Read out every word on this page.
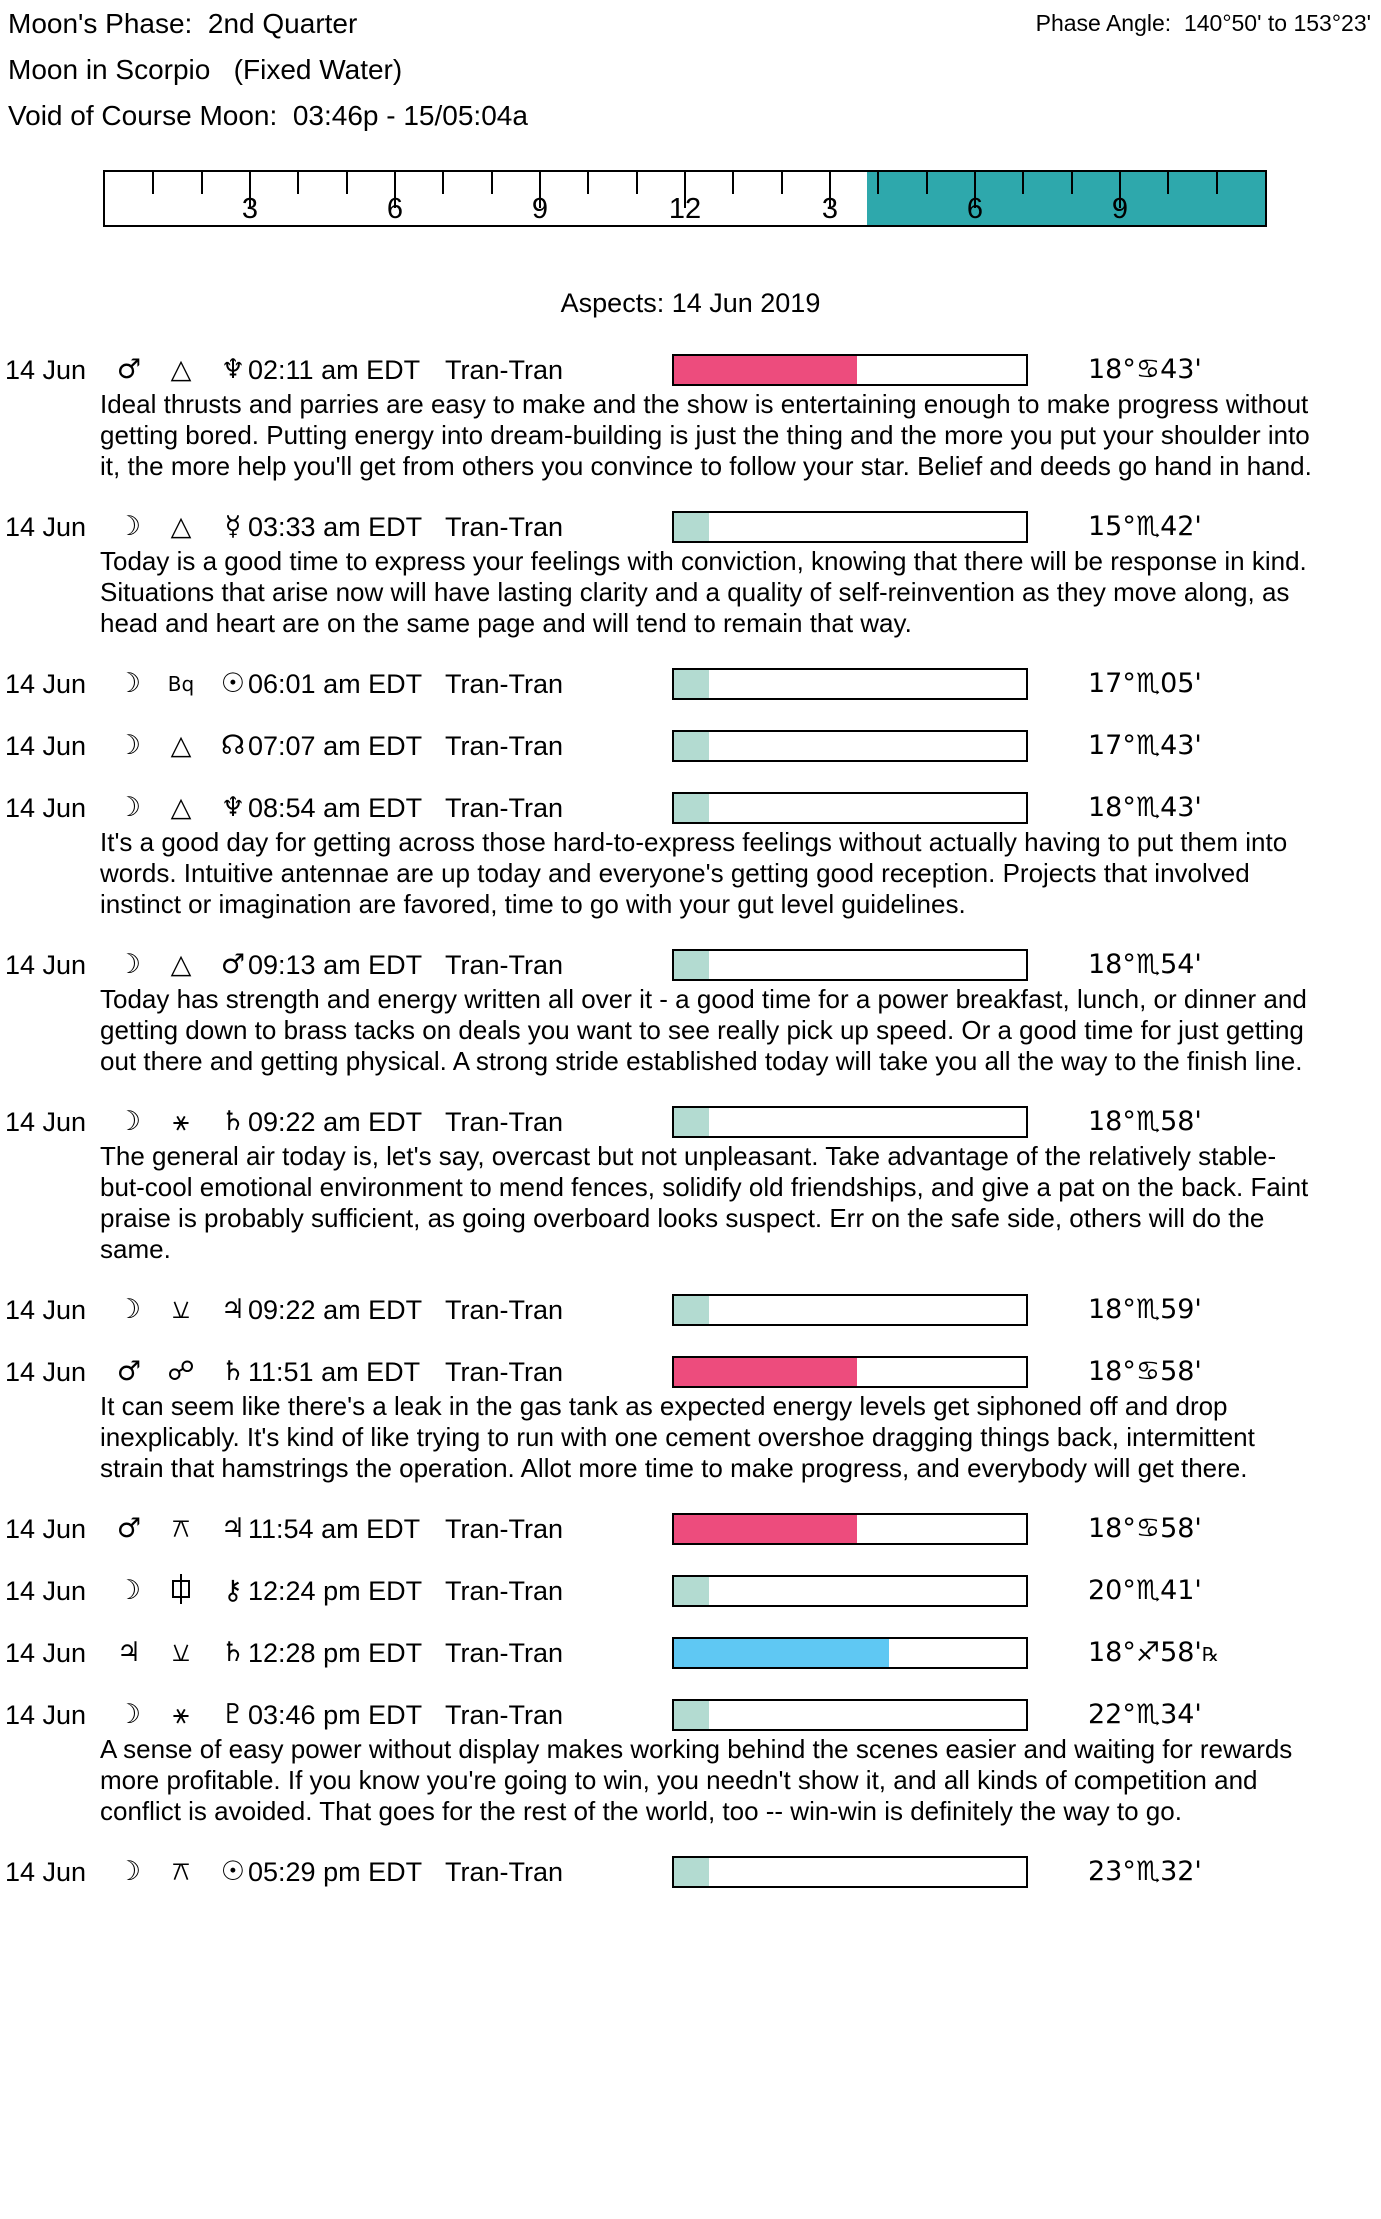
Moon's Phase:  2nd Quarter	Phase Angle:  140°50' to 153°23'
Moon in Scorpio   (Fixed Water)
Void of Course Moon:  03:46p - 15/05:04a
3	6	9	12	3	6	9
Aspects: 14 Jun 2019
14 Jun ♂ △ ♆ 02:11 am EDT Tran-Tran	18°♋43'
Ideal thrusts and parries are easy to make and the show is entertaining enough to make progress without getting bored. Putting energy into dream-building is just the thing and the more you put your shoulder into it, the more help you'll get from others you convince to follow your star. Belief and deeds go hand in hand.
14 Jun ☽ △ ☿ 03:33 am EDT Tran-Tran	15°♏42'
Today is a good time to express your feelings with conviction, knowing that there will be response in kind. Situations that arise now will have lasting clarity and a quality of self-reinvention as they move along, as head and heart are on the same page and will tend to remain that way.
14 Jun ☽ Bq ☉ 06:01 am EDT Tran-Tran	17°♏05'
14 Jun ☽ △ ☊ 07:07 am EDT Tran-Tran	17°♏43'
14 Jun ☽ △ ♆ 08:54 am EDT Tran-Tran	18°♏43'
It's a good day for getting across those hard-to-express feelings without actually having to put them into words. Intuitive antennae are up today and everyone's getting good reception. Projects that involved instinct or imagination are favored, time to go with your gut level guidelines.
14 Jun ☽ △ ♂ 09:13 am EDT Tran-Tran	18°♏54'
Today has strength and energy written all over it - a good time for a power breakfast, lunch, or dinner and getting down to brass tacks on deals you want to see really pick up speed. Or a good time for just getting out there and getting physical. A strong stride established today will take you all the way to the finish line.
14 Jun ☽ ⚹ ♄ 09:22 am EDT Tran-Tran	18°♏58'
The general air today is, let's say, overcast but not unpleasant. Take advantage of the relatively stable-but-cool emotional environment to mend fences, solidify old friendships, and give a pat on the back. Faint praise is probably sufficient, as going overboard looks suspect. Err on the safe side, others will do the same.
14 Jun ☽ ⚺ ♃ 09:22 am EDT Tran-Tran	18°♏59'
14 Jun ♂ ☍ ♄ 11:51 am EDT Tran-Tran	18°♋58'
It can seem like there's a leak in the gas tank as expected energy levels get siphoned off and drop inexplicably. It's kind of like trying to run with one cement overshoe dragging things back, intermittent strain that hamstrings the operation. Allot more time to make progress, and everybody will get there.
14 Jun ♂ ⚻ ♃ 11:54 am EDT Tran-Tran	18°♋58'
14 Jun ☽	⚷ 12:24 pm EDT Tran-Tran	20°♏41'
14 Jun ♃ ⚺ ♄ 12:28 pm EDT Tran-Tran	18°♐58'℞
14 Jun ☽ ⚹ ♇ 03:46 pm EDT Tran-Tran	22°♏34'
A sense of easy power without display makes working behind the scenes easier and waiting for rewards more profitable. If you know you're going to win, you needn't show it, and all kinds of competition and conflict is avoided. That goes for the rest of the world, too -- win-win is definitely the way to go.
14 Jun ☽ ⚻ ☉ 05:29 pm EDT Tran-Tran	23°♏32'
